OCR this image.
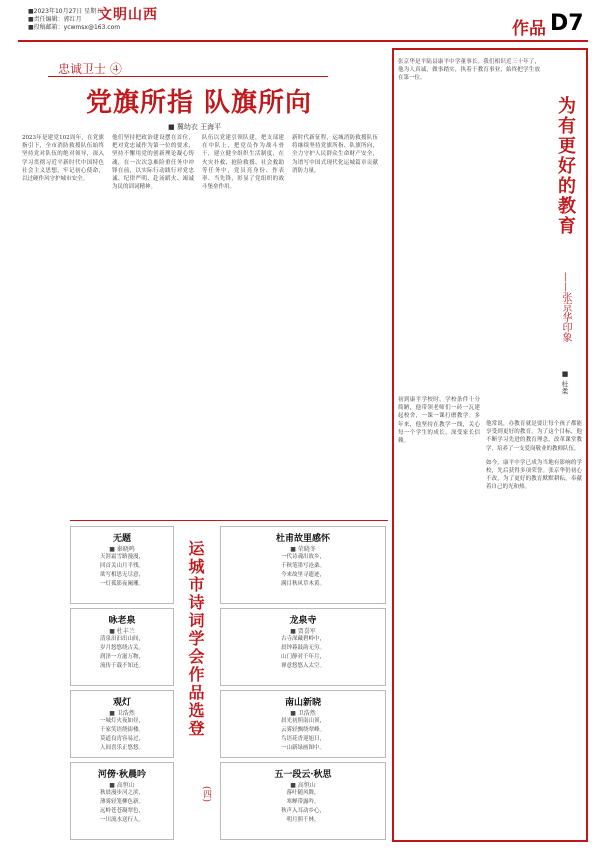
■2023年10月27日 星期五
■责任编辑：郭红月
■投稿邮箱：ycwmsx@163.com
文明山西
作品 D7
忠诚卫士 ④
党旗所指 队旗所向
■ 冀幼衣 王海平
2023年是建党102周年，在党旗指引下，全市消防救援队伍始终坚持党对队伍的绝对领导，深入学习贯彻习近平新时代中国特色社会主义思想，牢记初心使命，以过硬作风守护城市安全。
他们坚持把政治建设摆在首位，把对党忠诚作为第一位的要求，坚持不懈用党的创新理论凝心铸魂，在一次次急难险重任务中冲锋在前，以实际行动践行对党忠诚、纪律严明、赴汤蹈火、竭诚为民的训词精神。
队伍以党建引领队建，把支部建在中队上，把党员作为战斗骨干，建立健全组织生活制度，在火灾扑救、抢险救援、社会救助等任务中，党员亮身份、作表率、当先锋，彰显了党组织的战斗堡垒作用。
新时代新征程，运城消防救援队伍将继续坚持党旗所指、队旗所向，全力守护人民群众生命财产安全，为谱写中国式现代化运城篇章贡献消防力量。
无题
■ 秦晓鸣
天涯霜雪路漫漫，
回首关山月半残。
欲写相思无尽意，
一灯孤影夜阑珊。
咏老泉
■ 杜丰兰
清泉汩汩出山间，
岁月悠悠绕古关。
润泽一方滋万物，
流传千载不知还。
观灯
■ 卫浩然
一城灯火夜如昼，
千家笑语绕街楼。
莫道良宵容易过，
人间喜乐正悠悠。
河傍·秋晨吟
■ 高恒山
秋晨漫步河之滨，
薄雾轻笼柳色新。
远岭苍苍凝翠色，
一川流水送行人。
运城市诗词学会作品选登
(四)
杜甫故里感怀
■ 荣晓冬
一代诗魂出故乡，
千秋笔墨写沧桑。
今来故里寻遗迹，
满目秋风草木黄。
龙泉寺
■ 贾喜军
古寺深藏碧岭中，
晨钟暮鼓韵无穷。
山门静对千年月，
禅意悠悠入太空。
南山新晓
■ 卫浩然
晨光初照南山顶，
云雾轻飘绕翠峰。
鸟语花香迎旭日，
一山新绿画图中。
五一段云·秋思
■ 高恒山
落叶随风舞，
寒蝉带露吟。
秋声入耳动乡心，
明月照千林。
为有更好的教育
——张京华印象
■ 杜柔
张京华是平陆县康平中学董事长。我们相识近三十年了，他为人真诚，做事踏实，执着于教育事业，始终把学生放在第一位。
初到康平学校时，学校条件十分简陋，他带领老师们一砖一瓦建起校舍，一课一课打磨教学。多年来，他坚持在教学一线，关心每一个学生的成长，深受家长信赖。
他常说，办教育就是要让每个孩子都能享受到更好的教育。为了这个目标，他不断学习先进的教育理念，改革课堂教学，培养了一支爱岗敬业的教师队伍。
如今，康平中学已成为当地有影响的学校，先后获得多项荣誉。张京华仍初心不改，为了更好的教育默默耕耘，奉献着自己的光和热。
